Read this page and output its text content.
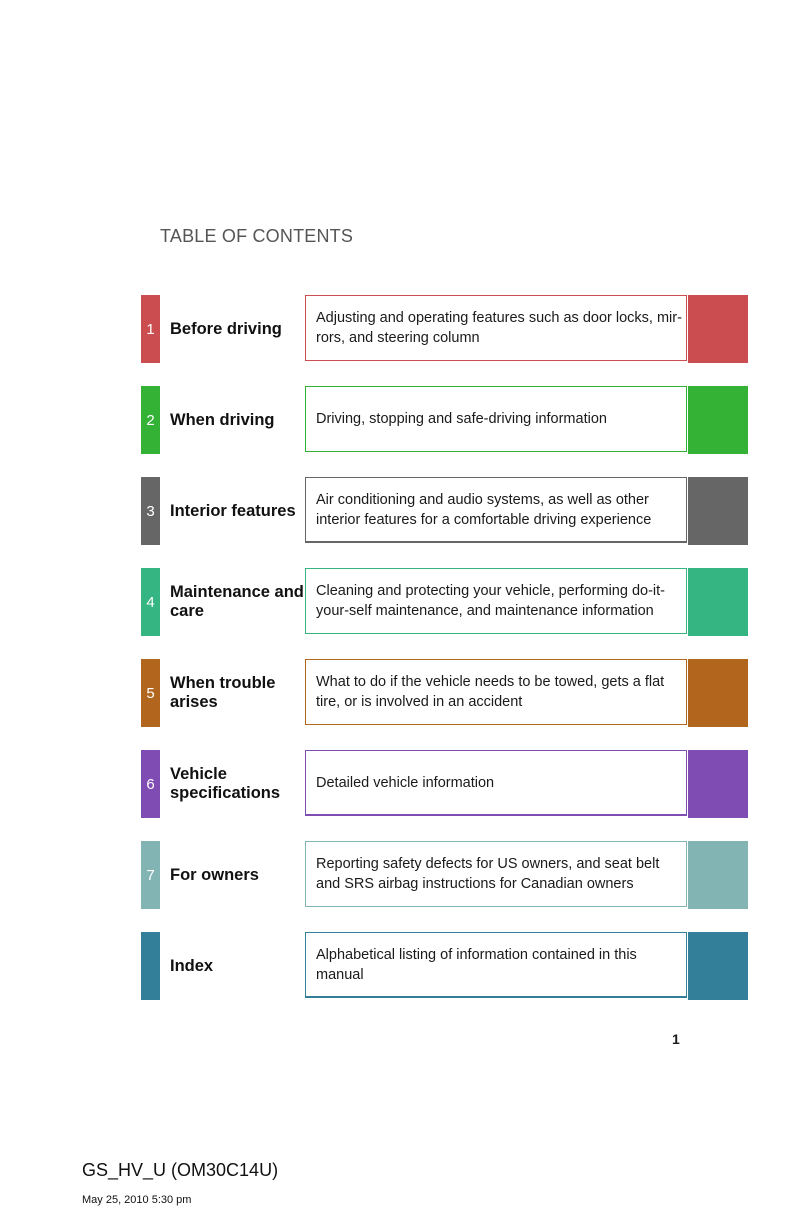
TABLE OF CONTENTS
1 Before driving
Adjusting and operating features such as door locks, mir-rors, and steering column
2 When driving	Driving, stopping and safe-driving information
3 Interior features
Air conditioning and audio systems, as well as other interior features for a comfortable driving experience
4
Maintenance and care
Cleaning and protecting your vehicle, performing do-it-your-self maintenance, and maintenance information
5
When trouble arises
What to do if the vehicle needs to be towed, gets a flat tire, or is involved in an accident
6
Vehicle specifications
Detailed vehicle information
7 For owners
Reporting safety defects for US owners, and seat belt and SRS airbag instructions for Canadian owners
Index
Alphabetical listing of information contained in this manual
1
GS_HV_U (OM30C14U)
May 25, 2010 5:30 pm
